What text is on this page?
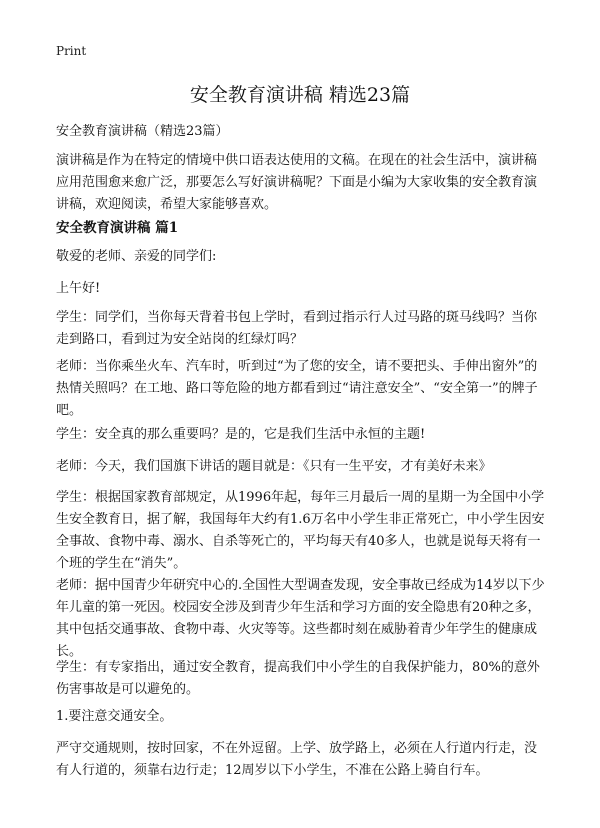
Print
安全教育演讲稿 精选23篇
安全教育演讲稿（精选23篇）

演讲稿是作为在特定的情境中供口语表达使用的文稿。在现在的社会生活中，演讲稿应用范围愈来愈广泛，那要怎么写好演讲稿呢？下面是小编为大家收集的安全教育演讲稿，欢迎阅读，希望大家能够喜欢。

安全教育演讲稿 篇1

敬爱的老师、亲爱的同学们:

上午好!

学生：同学们，当你每天背着书包上学时，看到过指示行人过马路的斑马线吗？当你走到路口，看到过为安全站岗的红绿灯吗？

老师：当你乘坐火车、汽车时，听到过“为了您的安全，请不要把头、手伸出窗外”的热情关照吗？在工地、路口等危险的地方都看到过“请注意安全”、“安全第一”的牌子吧。

学生：安全真的那么重要吗？是的，它是我们生活中永恒的主题!

老师：今天，我们国旗下讲话的题目就是：《只有一生平安，才有美好未来》

学生：根据国家教育部规定，从1996年起，每年三月最后一周的星期一为全国中小学生安全教育日，据了解，我国每年大约有1.6万名中小学生非正常死亡，中小学生因安全事故、食物中毒、溺水、自杀等死亡的，平均每天有40多人，也就是说每天将有一个班的学生在“消失”。

老师：据中国青少年研究中心的.全国性大型调查发现，安全事故已经成为14岁以下少年儿童的第一死因。校园安全涉及到青少年生活和学习方面的安全隐患有20种之多，其中包括交通事故、食物中毒、火灾等等。这些都时刻在威胁着青少年学生的健康成长。

学生：有专家指出，通过安全教育，提高我们中小学生的自我保护能力，80%的意外伤害事故是可以避免的。

1.要注意交通安全。

严守交通规则，按时回家，不在外逗留。上学、放学路上，必须在人行道内行走，没有人行道的，须靠右边行走；12周岁以下小学生，不准在公路上骑自行车。
